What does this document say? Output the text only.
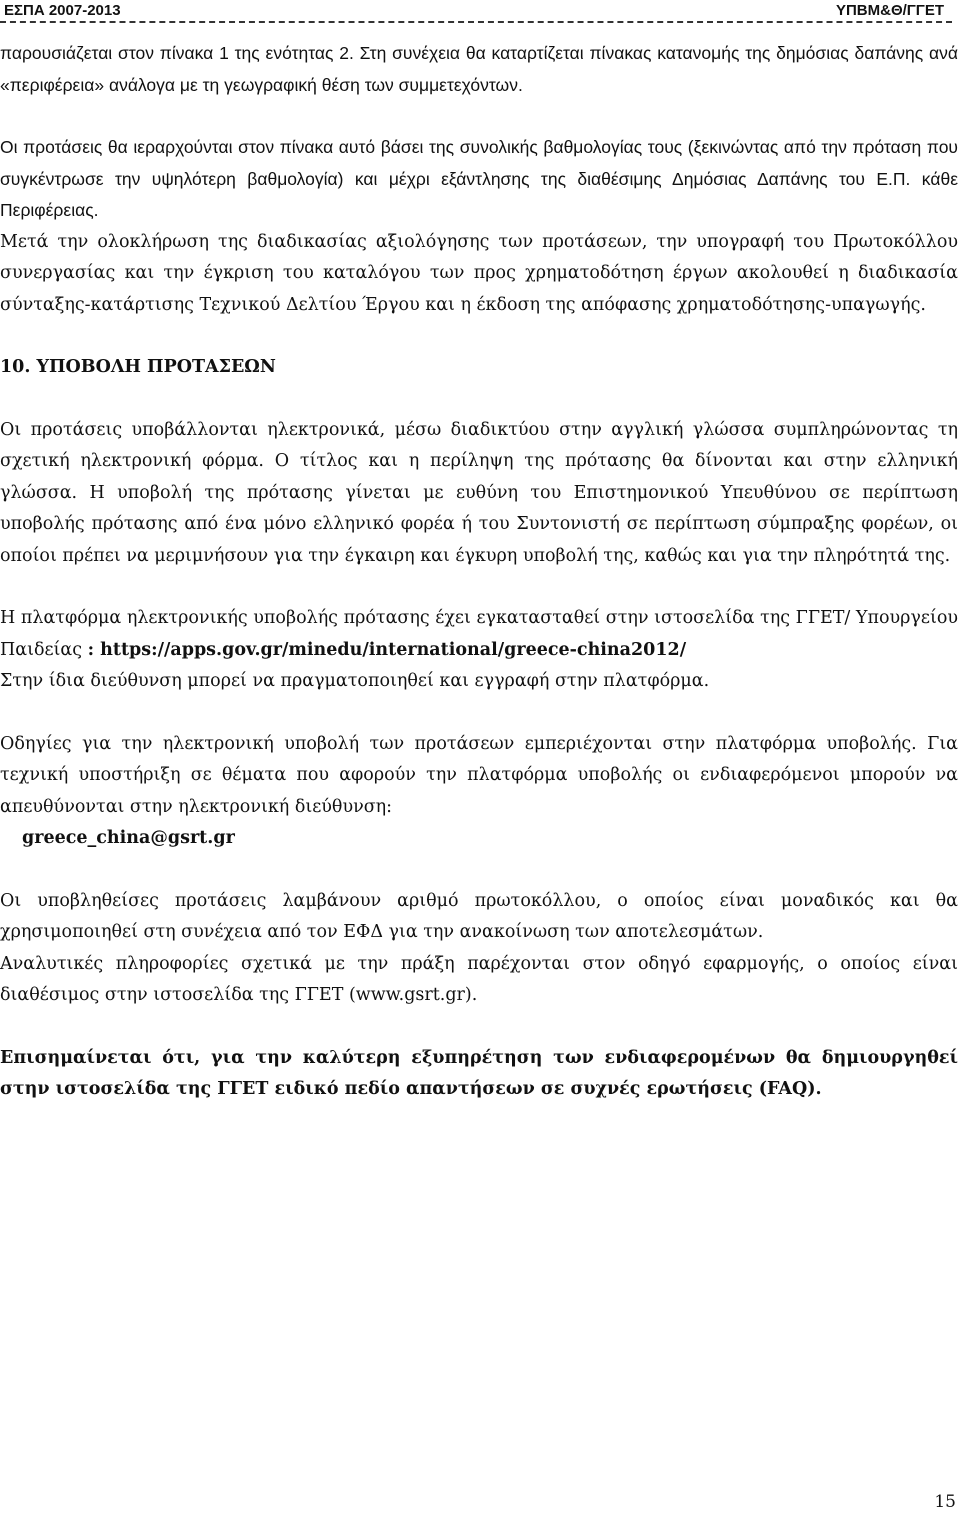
ΕΣΠΑ 2007-2013	ΥΠΒΜ&Θ/ΓΓΕΤ

παρουσιάζεται στον πίνακα 1 της ενότητας 2. Στη συνέχεια θα καταρτίζεται πίνακας κατανομής της δημόσιας δαπάνης ανά «περιφέρεια» ανάλογα με τη γεωγραφική θέση των συμμετεχόντων.

Οι προτάσεις θα ιεραρχούνται στον πίνακα αυτό βάσει της συνολικής βαθμολογίας τους (ξεκινώντας από την πρόταση που συγκέντρωσε την υψηλότερη βαθμολογία) και μέχρι εξάντλησης της διαθέσιμης Δημόσιας Δαπάνης του Ε.Π. κάθε Περιφέρειας.

Μετά την ολοκλήρωση της διαδικασίας αξιολόγησης των προτάσεων, την υπογραφή του Πρωτοκόλλου συνεργασίας και την έγκριση του καταλόγου των προς χρηματοδότηση έργων ακολουθεί η διαδικασία σύνταξης-κατάρτισης Τεχνικού Δελτίου Έργου και η έκδοση της απόφασης χρηματοδότησης-υπαγωγής.

10. ΥΠΟΒΟΛΗ ΠΡΟΤΑΣΕΩΝ

Οι προτάσεις υποβάλλονται ηλεκτρονικά, μέσω διαδικτύου στην αγγλική γλώσσα συμπληρώνοντας τη σχετική ηλεκτρονική φόρμα. Ο τίτλος και η περίληψη της πρότασης θα δίνονται και στην ελληνική γλώσσα. Η υποβολή της πρότασης γίνεται με ευθύνη του Επιστημονικού Υπευθύνου σε περίπτωση υποβολής πρότασης από ένα μόνο ελληνικό φορέα ή του Συντονιστή σε περίπτωση σύμπραξης φορέων, οι οποίοι πρέπει να μεριμνήσουν για την έγκαιρη και έγκυρη υποβολή της, καθώς και για την πληρότητά της.

Η πλατφόρμα ηλεκτρονικής υποβολής πρότασης έχει εγκατασταθεί στην ιστοσελίδα της ΓΓΕΤ/ Υπουργείου Παιδείας : https://apps.gov.gr/minedu/international/greece-china2012/

Στην ίδια διεύθυνση μπορεί να πραγματοποιηθεί και εγγραφή στην πλατφόρμα.

Οδηγίες για την ηλεκτρονική υποβολή των προτάσεων εμπεριέχονται στην πλατφόρμα υποβολής. Για τεχνική υποστήριξη σε θέματα που αφορούν την πλατφόρμα υποβολής οι ενδιαφερόμενοι μπορούν να απευθύνονται στην ηλεκτρονική διεύθυνση:

greece_china@gsrt.gr

Οι υποβληθείσες προτάσεις λαμβάνουν αριθμό πρωτοκόλλου, ο οποίος είναι μοναδικός και θα χρησιμοποιηθεί στη συνέχεια από τον ΕΦΔ για την ανακοίνωση των αποτελεσμάτων.

Αναλυτικές πληροφορίες σχετικά με την πράξη παρέχονται στον οδηγό εφαρμογής, ο οποίος είναι διαθέσιμος στην ιστοσελίδα της ΓΓΕΤ (www.gsrt.gr).

Επισημαίνεται ότι, για την καλύτερη εξυπηρέτηση των ενδιαφερομένων θα δημιουργηθεί στην ιστοσελίδα της ΓΓΕΤ ειδικό πεδίο απαντήσεων σε συχνές ερωτήσεις (FAQ).

15
